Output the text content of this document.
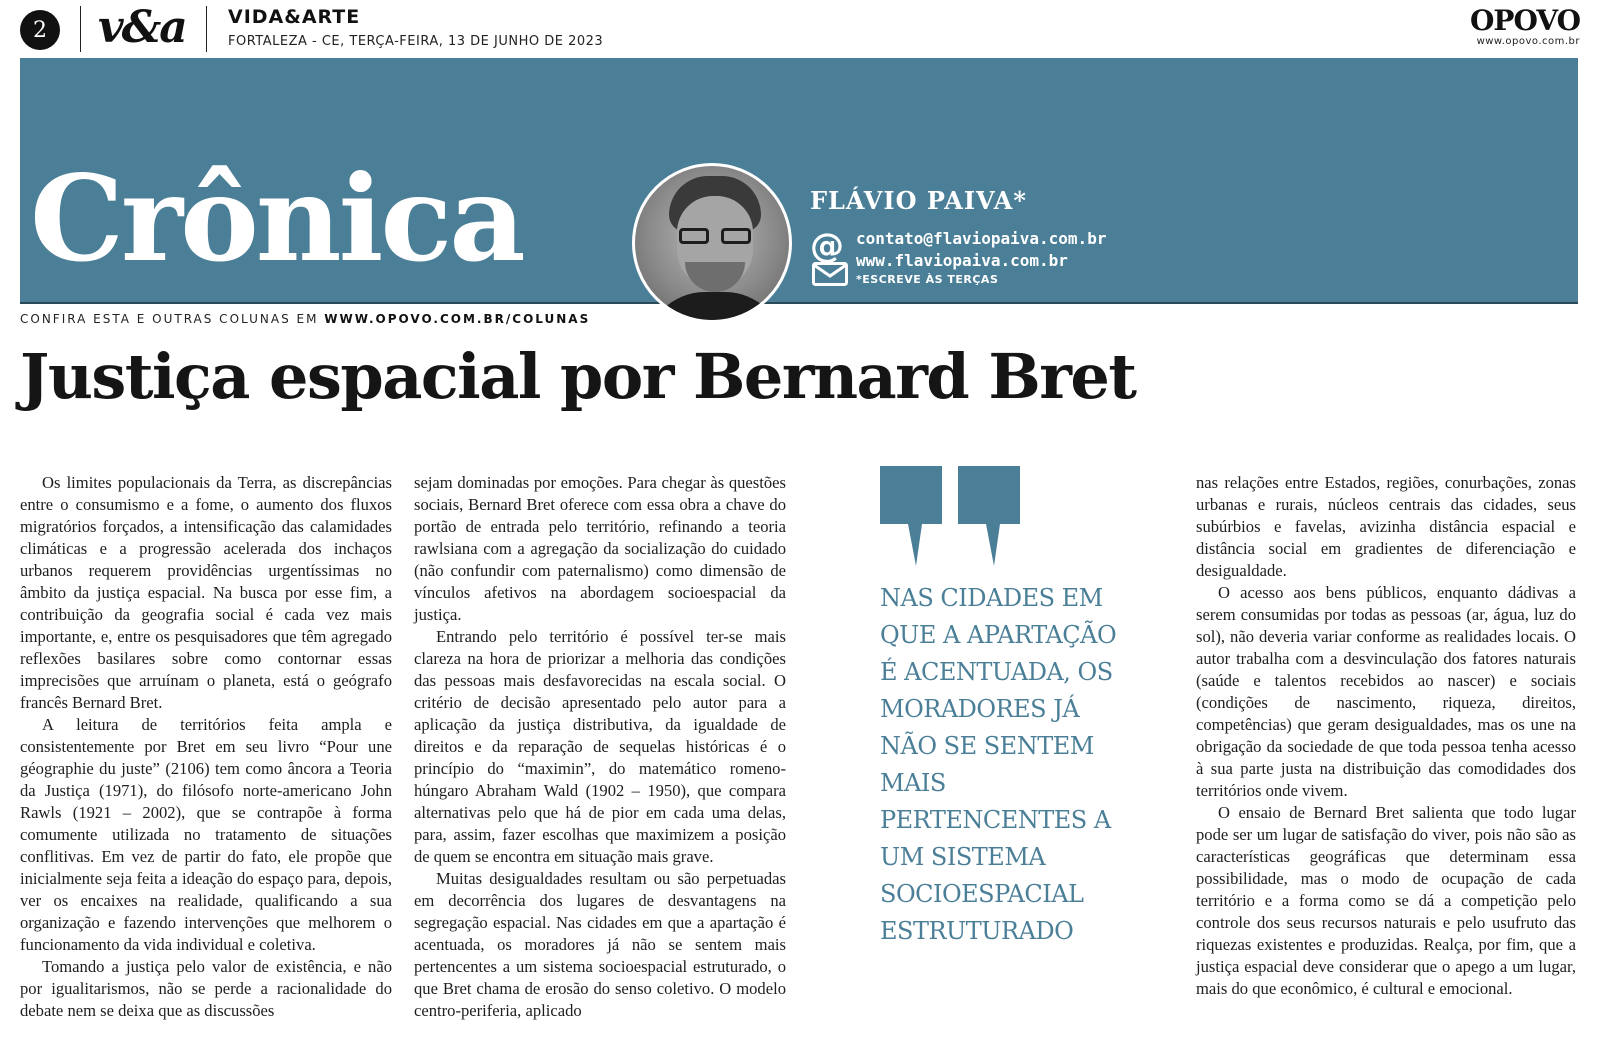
2 v&a VIDA&ARTE
FORTALEZA - CE, TERÇA-FEIRA, 13 DE JUNHO DE 2023
OPOVO
www.opovo.com.br
Crônica	FLÁVIO PAIVA*
@ contato@flaviopaiva.com.br
www.flaviopaiva.com.br
*ESCREVE ÀS TERÇAS
CONFIRA ESTA E OUTRAS COLUNAS EM WWW.OPOVO.COM.BR/COLUNAS
Justiça espacial por Bernard Bret

Os limites populacionais da Terra, as discrepâncias entre o consumismo e a fome, o aumento dos fluxos migratórios forçados, a intensificação das calamidades climáticas e a progressão acelerada dos inchaços urbanos requerem providências urgentíssimas no âmbito da justiça espacial. Na busca por esse fim, a contribuição da geografia social é cada vez mais importante, e, entre os pesquisadores que têm agregado reflexões basilares sobre como contornar essas imprecisões que arruínam o planeta, está o geógrafo francês Bernard Bret.

A leitura de territórios feita ampla e consistentemente por Bret em seu livro “Pour une géographie du juste” (2106) tem como âncora a Teoria da Justiça (1971), do filósofo norte-americano John Rawls (1921 – 2002), que se contrapõe à forma comumente utilizada no tratamento de situações conflitivas. Em vez de partir do fato, ele propõe que inicialmente seja feita a ideação do espaço para, depois, ver os encaixes na realidade, qualificando a sua organização e fazendo intervenções que melhorem o funcionamento da vida individual e coletiva.

Tomando a justiça pelo valor de existência, e não por igualitarismos, não se perde a racionalidade do debate nem se deixa que as discussões

sejam dominadas por emoções. Para chegar às questões sociais, Bernard Bret oferece com essa obra a chave do portão de entrada pelo território, refinando a teoria rawlsiana com a agregação da socialização do cuidado (não confundir com paternalismo) como dimensão de vínculos afetivos na abordagem socioespacial da justiça.

Entrando pelo território é possível ter-se mais clareza na hora de priorizar a melhoria das condições das pessoas mais desfavorecidas na escala social. O critério de decisão apresentado pelo autor para a aplicação da justiça distributiva, da igualdade de direitos e da reparação de sequelas históricas é o princípio do “maximin”, do matemático romeno-húngaro Abraham Wald (1902 – 1950), que compara alternativas pelo que há de pior em cada uma delas, para, assim, fazer escolhas que maximizem a posição de quem se encontra em situação mais grave.

Muitas desigualdades resultam ou são perpetuadas em decorrência dos lugares de desvantagens na segregação espacial. Nas cidades em que a apartação é acentuada, os moradores já não se sentem mais pertencentes a um sistema socioespacial estruturado, o que Bret chama de erosão do senso coletivo. O modelo centro-periferia, aplicado

NAS CIDADES EM QUE A APARTAÇÃO É ACENTUADA, OS MORADORES JÁ NÃO SE SENTEM MAIS PERTENCENTES A UM SISTEMA SOCIOESPACIAL ESTRUTURADO

nas relações entre Estados, regiões, conurbações, zonas urbanas e rurais, núcleos centrais das cidades, seus subúrbios e favelas, avizinha distância espacial e distância social em gradientes de diferenciação e desigualdade.

O acesso aos bens públicos, enquanto dádivas a serem consumidas por todas as pessoas (ar, água, luz do sol), não deveria variar conforme as realidades locais. O autor trabalha com a desvinculação dos fatores naturais (saúde e talentos recebidos ao nascer) e sociais (condições de nascimento, riqueza, direitos, competências) que geram desigualdades, mas os une na obrigação da sociedade de que toda pessoa tenha acesso à sua parte justa na distribuição das comodidades dos territórios onde vivem.

O ensaio de Bernard Bret salienta que todo lugar pode ser um lugar de satisfação do viver, pois não são as características geográficas que determinam essa possibilidade, mas o modo de ocupação de cada território e a forma como se dá a competição pelo controle dos seus recursos naturais e pelo usufruto das riquezas existentes e produzidas. Realça, por fim, que a justiça espacial deve considerar que o apego a um lugar, mais do que econômico, é cultural e emocional.
